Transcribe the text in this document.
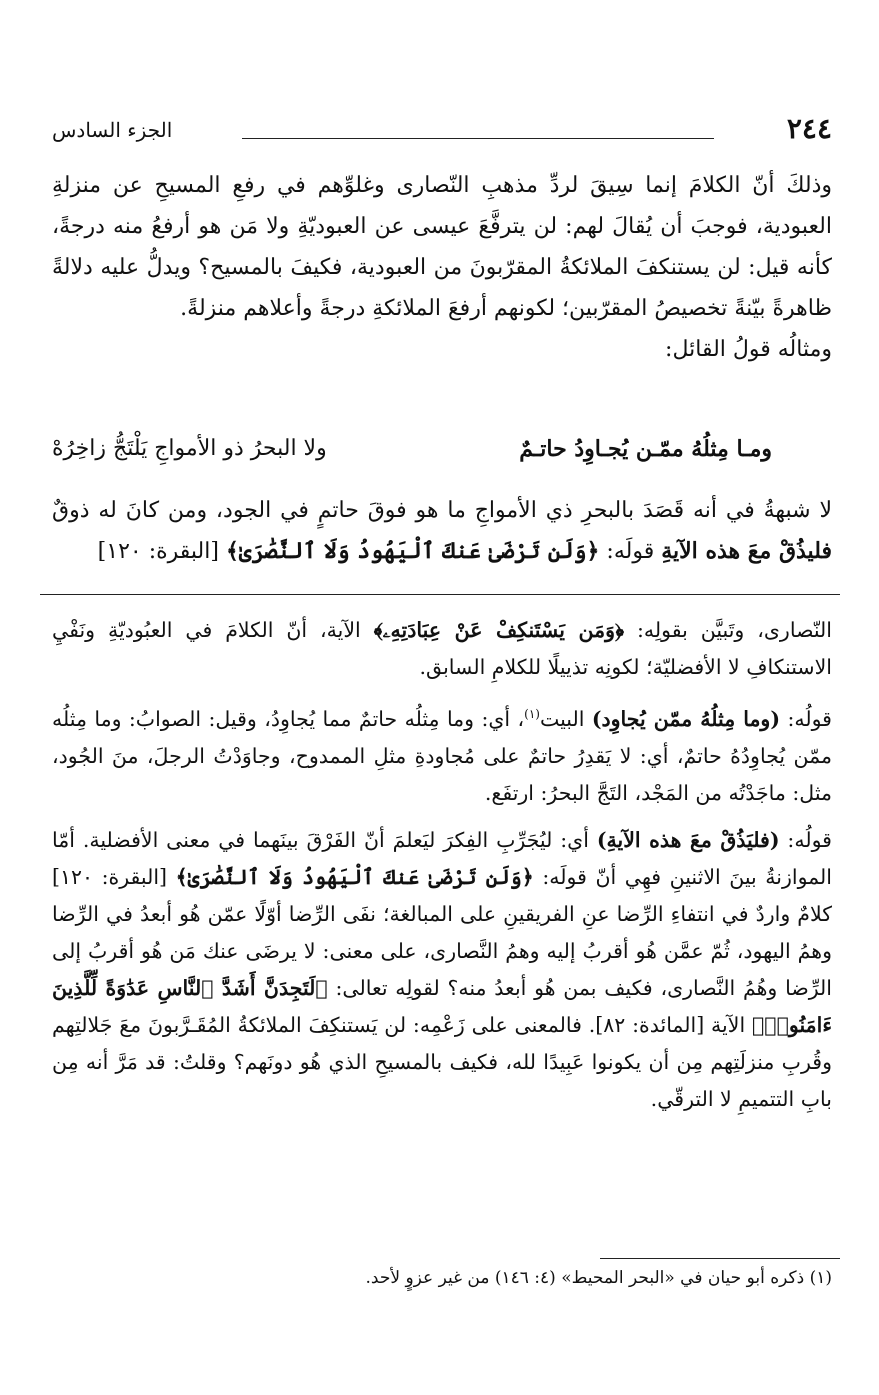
٢٤٤
الجزء السادس

وذلكَ أنّ الكلامَ إنما سِيقَ لردِّ مذهبِ النّصارى وغلوِّهم في رفعِ المسيحِ عن منزلةِ العبودية، فوجبَ أن يُقالَ لهم: لن يترفَّعَ عيسى عن العبوديّةِ ولا مَن هو أرفعُ منه درجةً، كأنه قيل: لن يستنكفَ الملائكةُ المقرّبونَ من العبودية، فكيفَ بالمسيح؟ ويدلُّ عليه دلالةً ظاهرةً بيّنةً تخصيصُ المقرّبين؛ لكونهم أرفعَ الملائكةِ درجةً وأعلاهم منزلةً.

ومثالُه قولُ القائل:

ومـا مِثلُهُ ممّـن يُجـاوِدُ حاتـمٌ
ولا البحرُ ذو الأمواجِ يَلْتَجُّ زاخِرُهْ

لا شبهةُ في أنه قَصَدَ بالبحرِ ذي الأمواجِ ما هو فوقَ حاتمٍ في الجود، ومن كانَ له ذوقٌ فليذُقْ معَ هذه الآيةِ قولَه: ﴿وَلَن تَرْضَىٰ عَنكَ ٱلْيَهُودُ وَلَا ٱلنَّصَٰرَىٰ﴾ [البقرة: ١٢٠]

النّصارى، وتَبيَّن بقولِه: ﴿وَمَن يَسْتَنكِفْ عَنْ عِبَادَتِهِۦ﴾ الآية، أنّ الكلامَ في العبُوديّةِ ونَفْيِ الاستنكافِ لا الأفضليّة؛ لكونِه تذييلًا للكلامِ السابق.

قولُه: (وما مِثلُهُ ممّن يُجاوِد) البيت$^{(١)}$، أي: وما مِثلُه حاتمٌ مما يُجاوِدُ، وقيل: الصوابُ: وما مِثلُه ممّن يُجاوِدُهُ حاتمٌ، أي: لا يَقدِرُ حاتمٌ على مُجاودةِ مثلِ الممدوح، وجاوَدْتُ الرجلَ، منَ الجُود، مثل: ماجَدْتُه من المَجْد، التَجَّ البحرُ: ارتفَع.

قولُه: (فليَذُقْ معَ هذه الآيةِ) أي: ليُجَرِّبِ الفِكرَ ليَعلمَ أنّ الفَرْقَ بينَهما في معنى الأفضلية. أمّا الموازنةُ بينَ الاثنينِ فهِي أنّ قولَه: ﴿وَلَن تَرْضَىٰ عَنكَ ٱلْيَهُودُ وَلَا ٱلنَّصَٰرَىٰ﴾ [البقرة: ١٢٠] كلامٌ واردٌ في انتفاءِ الرِّضا عنِ الفريقينِ على المبالغة؛ نفَى الرِّضا أوّلًا عمّن هُو أبعدُ في الرِّضا وهمُ اليهود، ثُمّ عمَّن هُو أقربُ إليه وهمُ النَّصارى، على معنى: لا يرضَى عنك مَن هُو أقربُ إلى الرِّضا وهُمُ النَّصارى، فكيف بمن هُو أبعدُ منه؟ لقولِه تعالى: ﴿لَتَجِدَنَّ أَشَدَّ ٱلنَّاسِ عَدَٰوَةً لِّلَّذِينَ ءَامَنُوا۟﴾ الآية [المائدة: ٨٢]. فالمعنى على زَعْمِه: لن يَستنكِفَ الملائكةُ المُقَـرَّبونَ معَ جَلالتِهم وقُربِ منزلَتِهم مِن أن يكونوا عَبِيدًا لله، فكيف بالمسيحِ الذي هُو دونَهم؟ وقلتُ: قد مَرَّ أنه مِن بابِ التتميمِ لا الترقّي.

(١) ذكره أبو حيان في «البحر المحيط» (٤: ١٤٦) من غير عزوٍ لأحد.
